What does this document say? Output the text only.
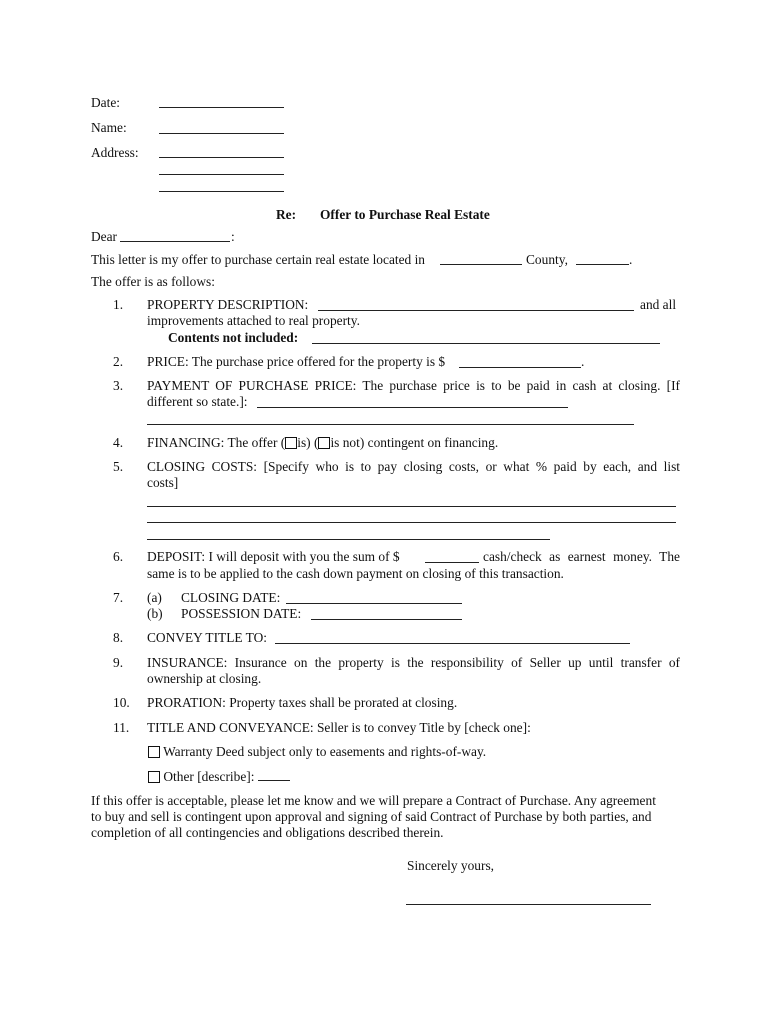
Date:
Name:
Address:
Re: Offer to Purchase Real Estate
Dear	:
This letter is my offer to purchase certain real estate located in	County,	.
The offer is as follows:
1. PROPERTY DESCRIPTION:	and all
improvements attached to real property.
Contents not included:
2. PRICE: The purchase price offered for the property is $	.
3. PAYMENT OF PURCHASE PRICE: The purchase price is to be paid in cash at closing. [If
different so state.]:
4. FINANCING: The offer ( is) ( is not) contingent on financing.
5. CLOSING COSTS: [Specify who is to pay closing costs, or what % paid by each, and list
costs]
6. DEPOSIT: I will deposit with you the sum of $	cash/check as earnest money. The
same is to be applied to the cash down payment on closing of this transaction.
7. (a) CLOSING DATE:
(b) POSSESSION DATE:
8. CONVEY TITLE TO:
9. INSURANCE: Insurance on the property is the responsibility of Seller up until transfer of
ownership at closing.
10. PRORATION: Property taxes shall be prorated at closing.
11. TITLE AND CONVEYANCE: Seller is to convey Title by [check one]:
Warranty Deed subject only to easements and rights-of-way.
Other [describe]:
If this offer is acceptable, please let me know and we will prepare a Contract of Purchase. Any agreement
to buy and sell is contingent upon approval and signing of said Contract of Purchase by both parties, and
completion of all contingencies and obligations described therein.
Sincerely yours,
